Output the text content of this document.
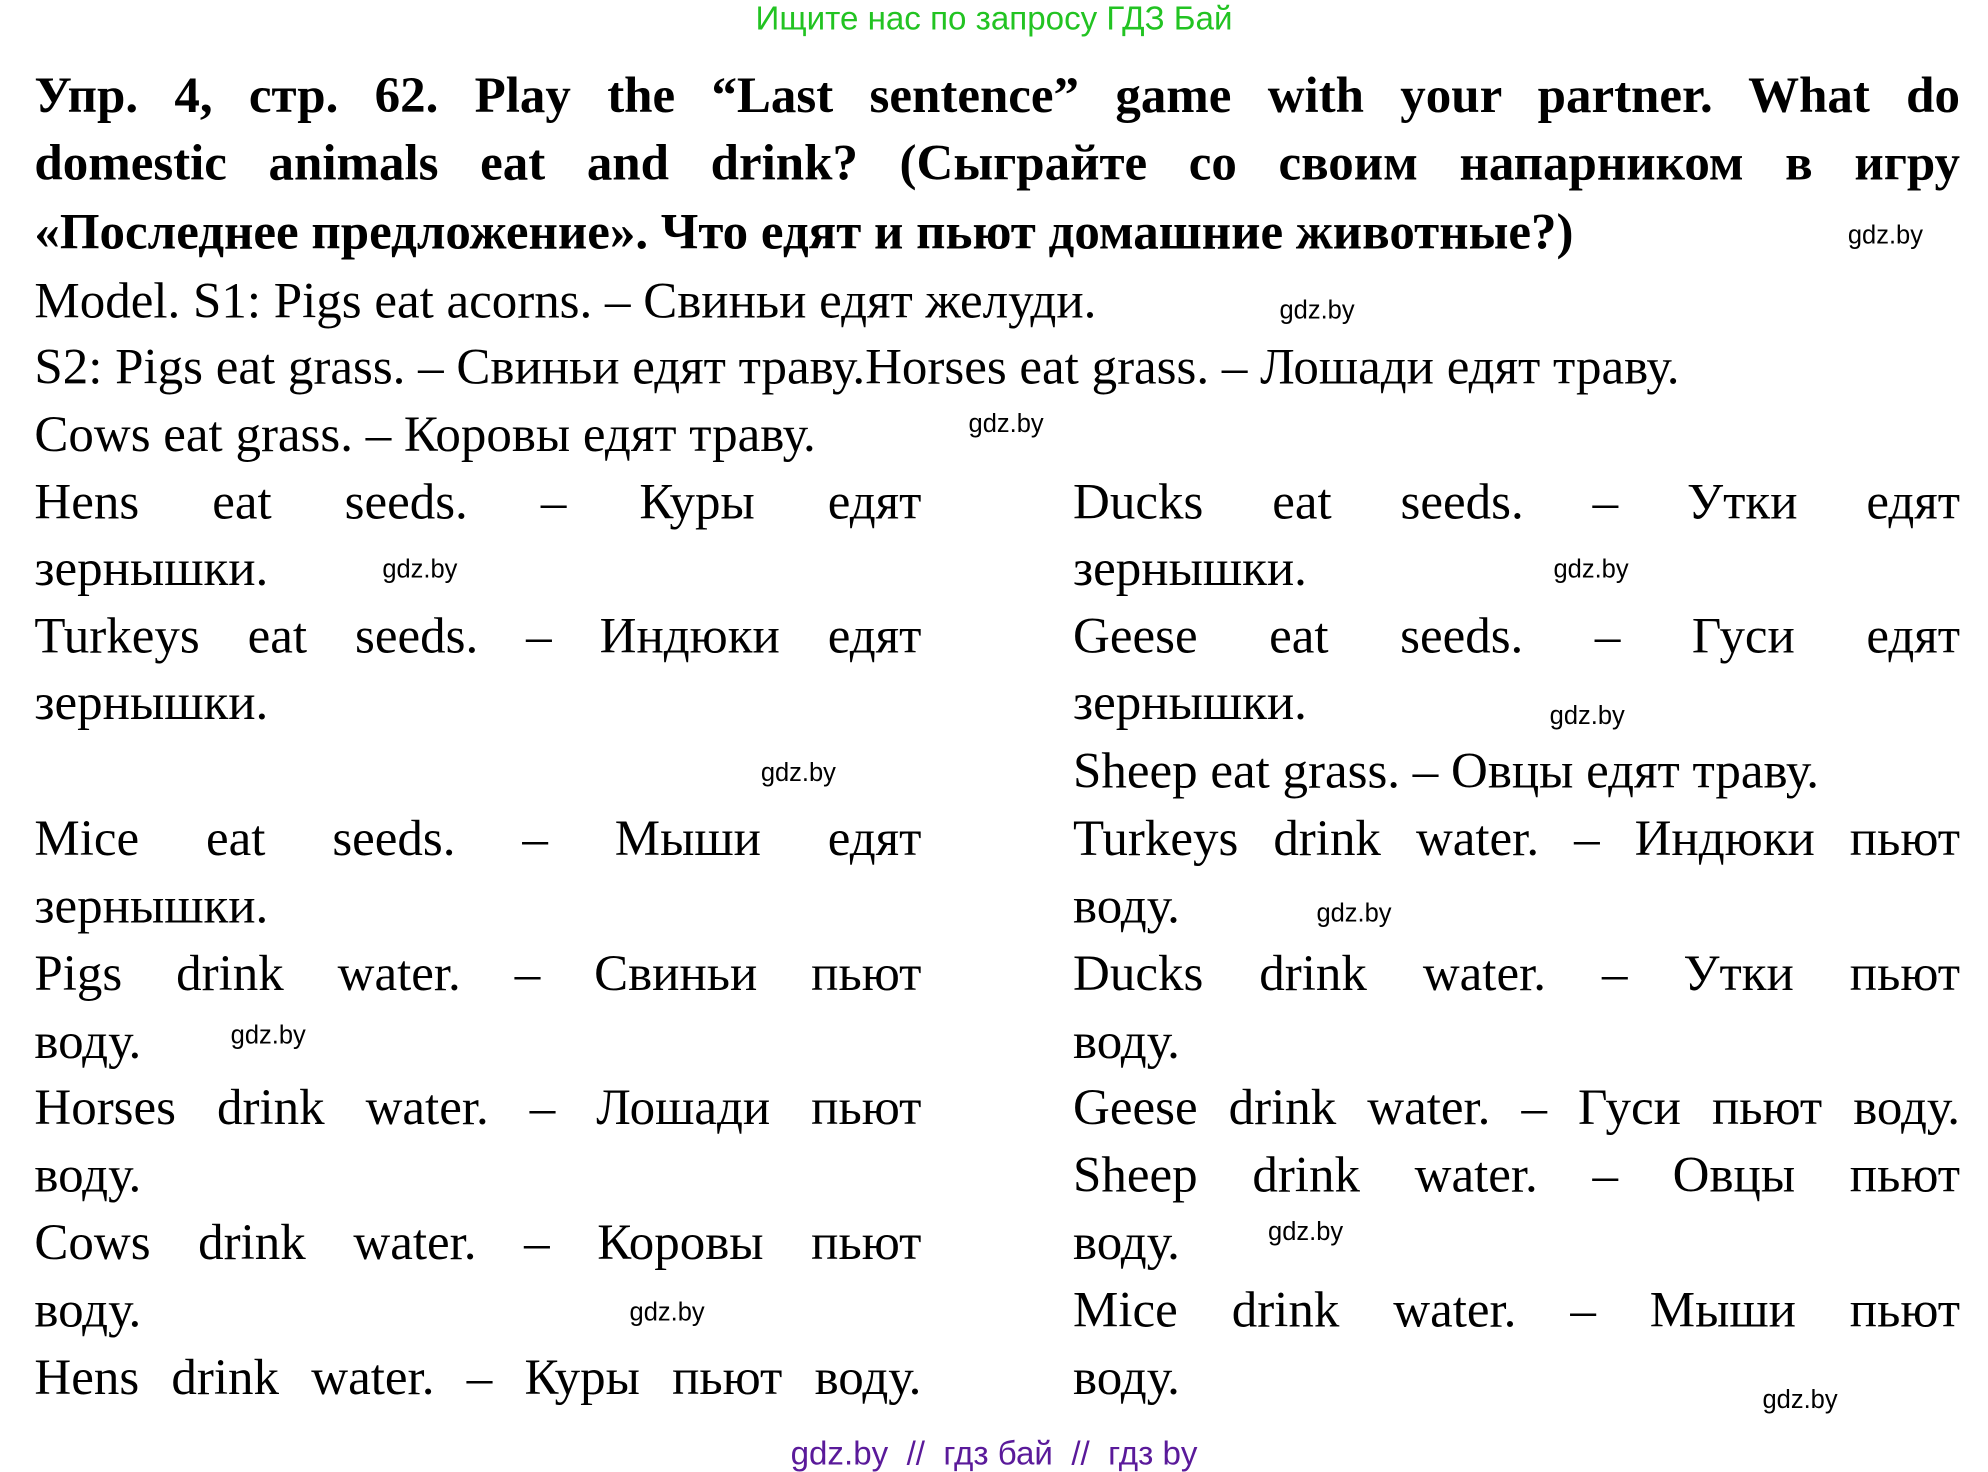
Ищите нас по запросу ГДЗ Бай
Упр. 4, стр. 62. Play the “Last sentence” game with your partner. What do
domestic animals eat and drink? (Сыграйте со своим напарником в игру
«Последнее предложение». Что едят и пьют домашние животные?)
Model. S1: Pigs eat acorns. – Свиньи едят желуди.
S2: Pigs eat grass. – Свиньи едят траву.Horses eat grass. – Лошади едят траву.
Cows eat grass. – Коровы едят траву.
Hens eat seeds. – Куры едят
зернышки.
Turkeys eat seeds. – Индюки едят
зернышки.
Mice eat seeds. – Мыши едят
зернышки.
Pigs drink water. – Свиньи пьют
воду.
Horses drink water. – Лошади пьют
воду.
Cows drink water. – Коровы пьют
воду.
Hens drink water. – Куры пьют воду.
Ducks eat seeds. – Утки едят
зернышки.
Geese eat seeds. – Гуси едят
зернышки.
Sheep eat grass. – Овцы едят траву.
Turkeys drink water. – Индюки пьют
воду.
Ducks drink water. – Утки пьют
воду.
Geese drink water. – Гуси пьют воду.
Sheep drink water. – Овцы пьют
воду.
Mice drink water. – Мыши пьют
воду.
gdz.by
gdz.by
gdz.by
gdz.by
gdz.by
gdz.by
gdz.by
gdz.by
gdz.by
gdz.by
gdz.by
gdz.by
gdz.by  //  гдз бай  //  гдз by
